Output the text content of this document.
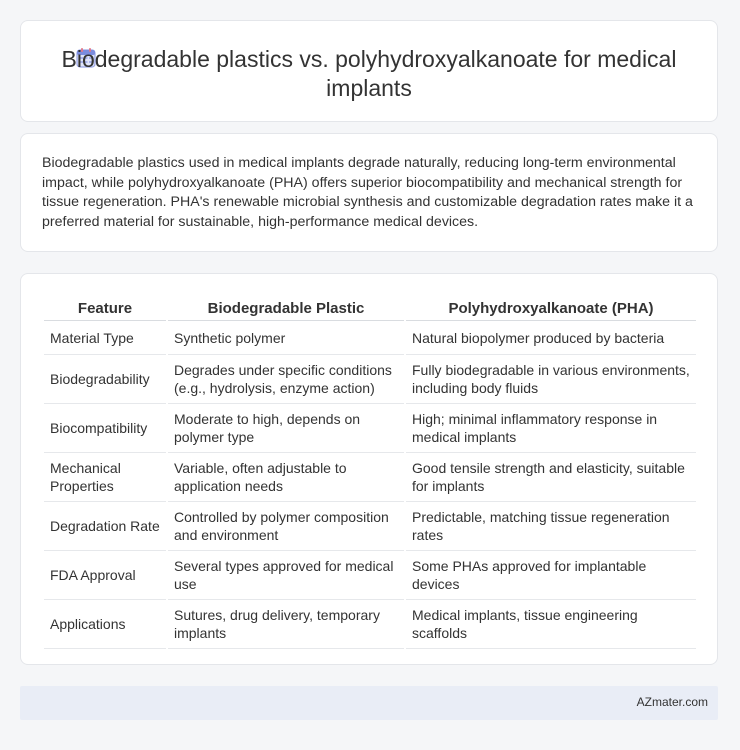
Biodegradable plastics vs. polyhydroxyalkanoate for medical implants
Biodegradable plastics used in medical implants degrade naturally, reducing long-term environmental impact, while polyhydroxyalkanoate (PHA) offers superior biocompatibility and mechanical strength for tissue regeneration. PHA's renewable microbial synthesis and customizable degradation rates make it a preferred material for sustainable, high-performance medical devices.
Feature	Biodegradable Plastic	Polyhydroxyalkanoate (PHA)
Material Type	Synthetic polymer	Natural biopolymer produced by bacteria
Biodegradability	Degrades under specific conditions (e.g., hydrolysis, enzyme action)	Fully biodegradable in various environments, including body fluids
Biocompatibility	Moderate to high, depends on polymer type	High; minimal inflammatory response in medical implants
Mechanical Properties	Variable, often adjustable to application needs	Good tensile strength and elasticity, suitable for implants
Degradation Rate	Controlled by polymer composition and environment	Predictable, matching tissue regeneration rates
FDA Approval	Several types approved for medical use	Some PHAs approved for implantable devices
Applications	Sutures, drug delivery, temporary implants	Medical implants, tissue engineering scaffolds
AZmater.com
